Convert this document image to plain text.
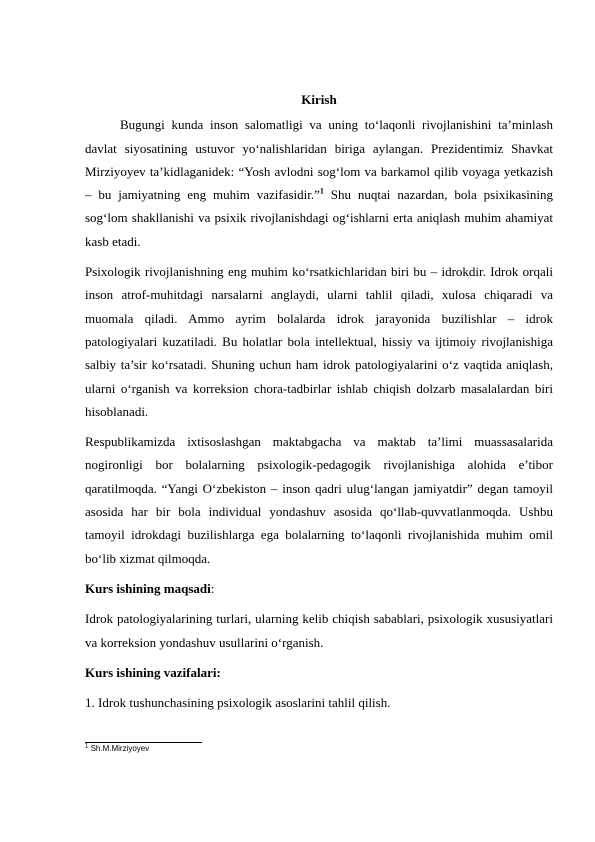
Kirish

Bugungi kunda inson salomatligi va uning to‘laqonli rivojlanishini ta’minlash davlat siyosatining ustuvor yo‘nalishlaridan biriga aylangan. Prezidentimiz Shavkat Mirziyoyev ta’kidlaganidek: “Yosh avlodni sog‘lom va barkamol qilib voyaga yetkazish – bu jamiyatning eng muhim vazifasidir.”$^1$ Shu nuqtai nazardan, bola psixikasining sog‘lom shakllanishi va psixik rivojlanishdagi og‘ishlarni erta aniqlash muhim ahamiyat kasb etadi.

Psixologik rivojlanishning eng muhim ko‘rsatkichlaridan biri bu – idrokdir. Idrok orqali inson atrof-muhitdagi narsalarni anglaydi, ularni tahlil qiladi, xulosa chiqaradi va muomala qiladi. Ammo ayrim bolalarda idrok jarayonida buzilishlar – idrok patologiyalari kuzatiladi. Bu holatlar bola intellektual, hissiy va ijtimoiy rivojlanishiga salbiy ta’sir ko‘rsatadi. Shuning uchun ham idrok patologiyalarini o‘z vaqtida aniqlash, ularni o‘rganish va korreksion chora-tadbirlar ishlab chiqish dolzarb masalalardan biri hisoblanadi.

Respublikamizda ixtisoslashgan maktabgacha va maktab ta’limi muassasalarida nogironligi bor bolalarning psixologik-pedagogik rivojlanishiga alohida e’tibor qaratilmoqda. “Yangi O‘zbekiston – inson qadri ulug‘langan jamiyatdir” degan tamoyil asosida har bir bola individual yondashuv asosida qo‘llab-quvvatlanmoqda. Ushbu tamoyil idrokdagi buzilishlarga ega bolalarning to‘laqonli rivojlanishida muhim omil bo‘lib xizmat qilmoqda.

Kurs ishining maqsadi:

Idrok patologiyalarining turlari, ularning kelib chiqish sabablari, psixologik xususiyatlari va korreksion yondashuv usullarini o‘rganish.

Kurs ishining vazifalari:

1. Idrok tushunchasining psixologik asoslarini tahlil qilish.

$^1$ Sh.M.Mirziyoyev
